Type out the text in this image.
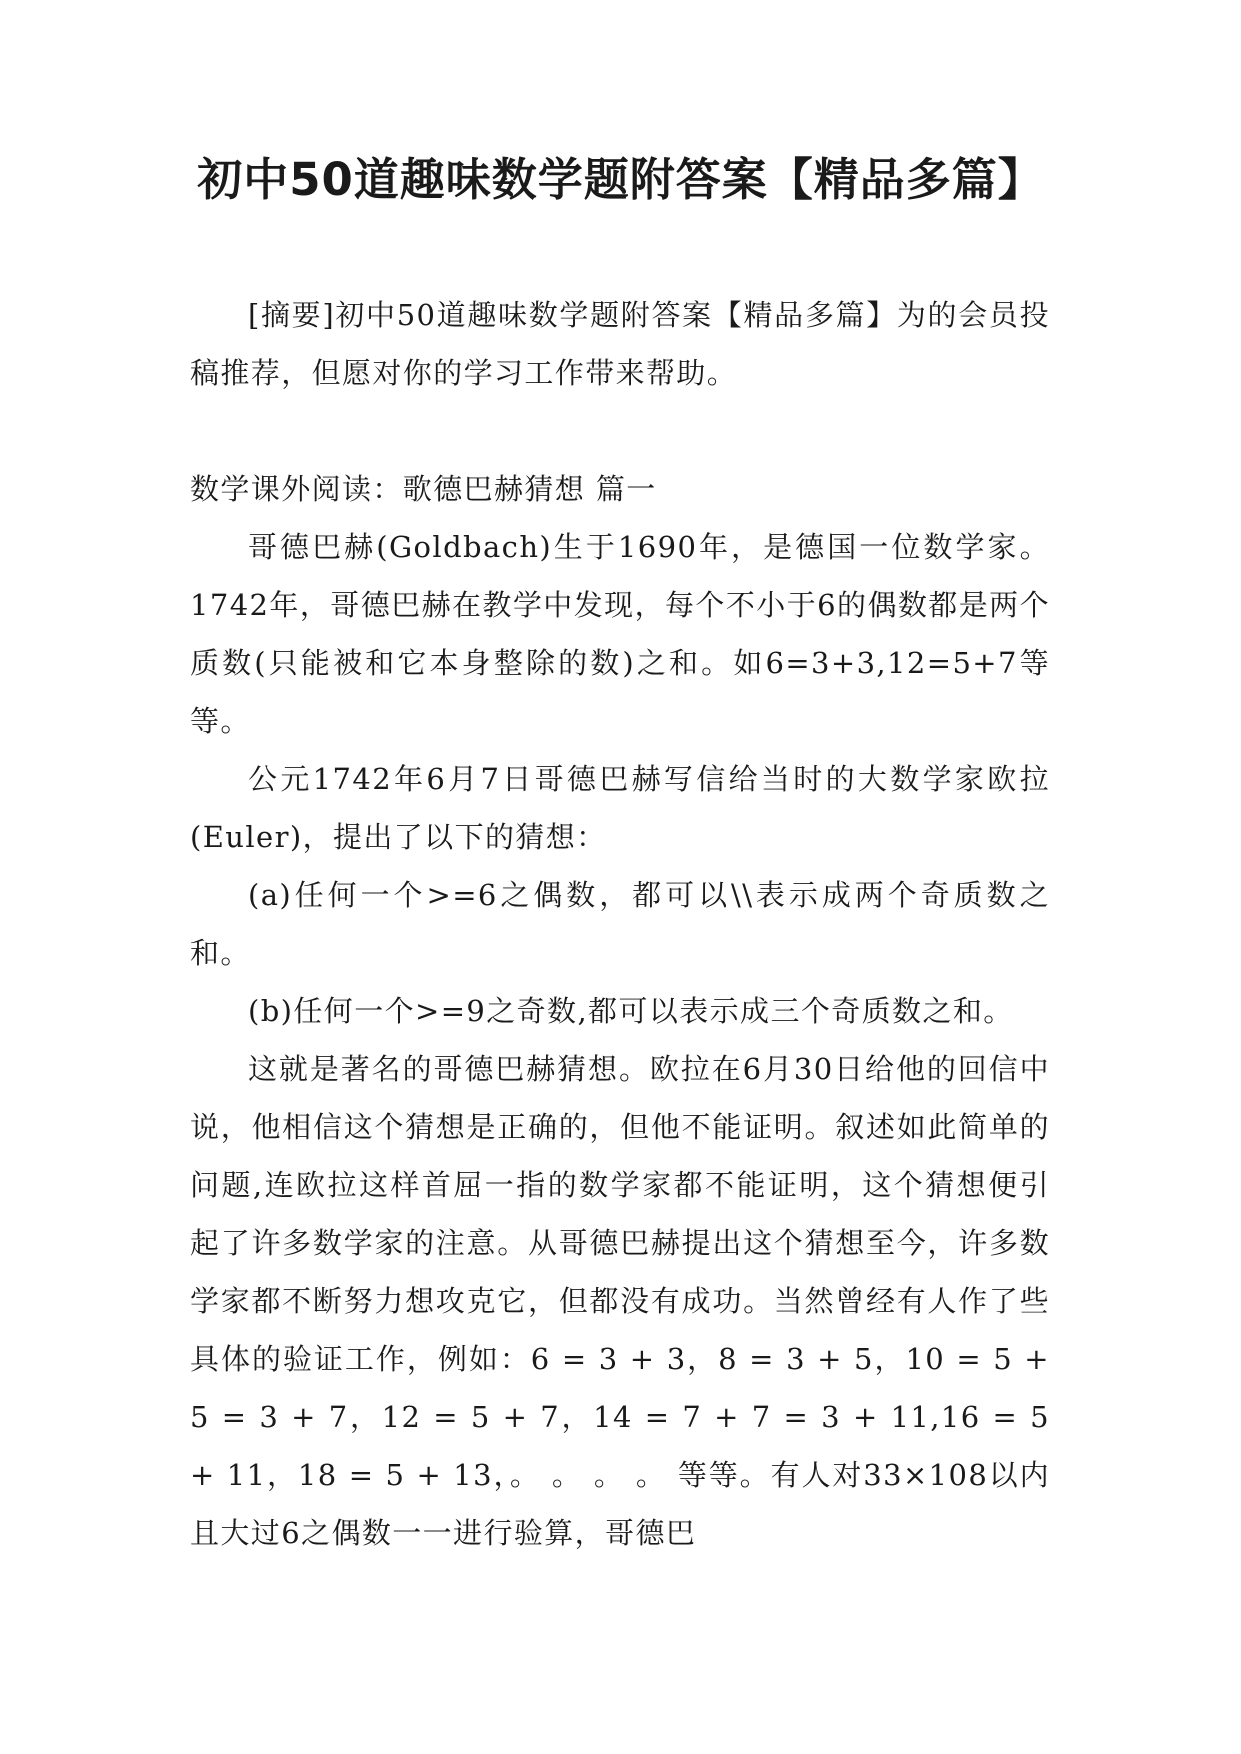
初中50道趣味数学题附答案【精品多篇】

[摘要]初中50道趣味数学题附答案【精品多篇】为的会员投稿推荐，但愿对你的学习工作带来帮助。

数学课外阅读：歌德巴赫猜想 篇一

哥德巴赫(Goldbach)生于1690年，是德国一位数学家。1742年，哥德巴赫在教学中发现，每个不小于6的偶数都是两个质数(只能被和它本身整除的数)之和。如6=3+3,12=5+7等等。

公元1742年6月7日哥德巴赫写信给当时的大数学家欧拉(Euler)，提出了以下的猜想：

(a)任何一个>=6之偶数，都可以\\表示成两个奇质数之和。

(b)任何一个>=9之奇数,都可以表示成三个奇质数之和。

这就是著名的哥德巴赫猜想。欧拉在6月30日给他的回信中说，他相信这个猜想是正确的，但他不能证明。叙述如此简单的问题,连欧拉这样首屈一指的数学家都不能证明，这个猜想便引起了许多数学家的注意。从哥德巴赫提出这个猜想至今，许多数学家都不断努力想攻克它，但都没有成功。当然曾经有人作了些具体的验证工作，例如：6 = 3 + 3，8 = 3 + 5，10 = 5 + 5 = 3 + 7，12 = 5 + 7，14 = 7 + 7 = 3 + 11,16 = 5 + 11，18 = 5 + 13，。 。 。 。 等等。有人对33×108以内且大过6之偶数一一进行验算，哥德巴
